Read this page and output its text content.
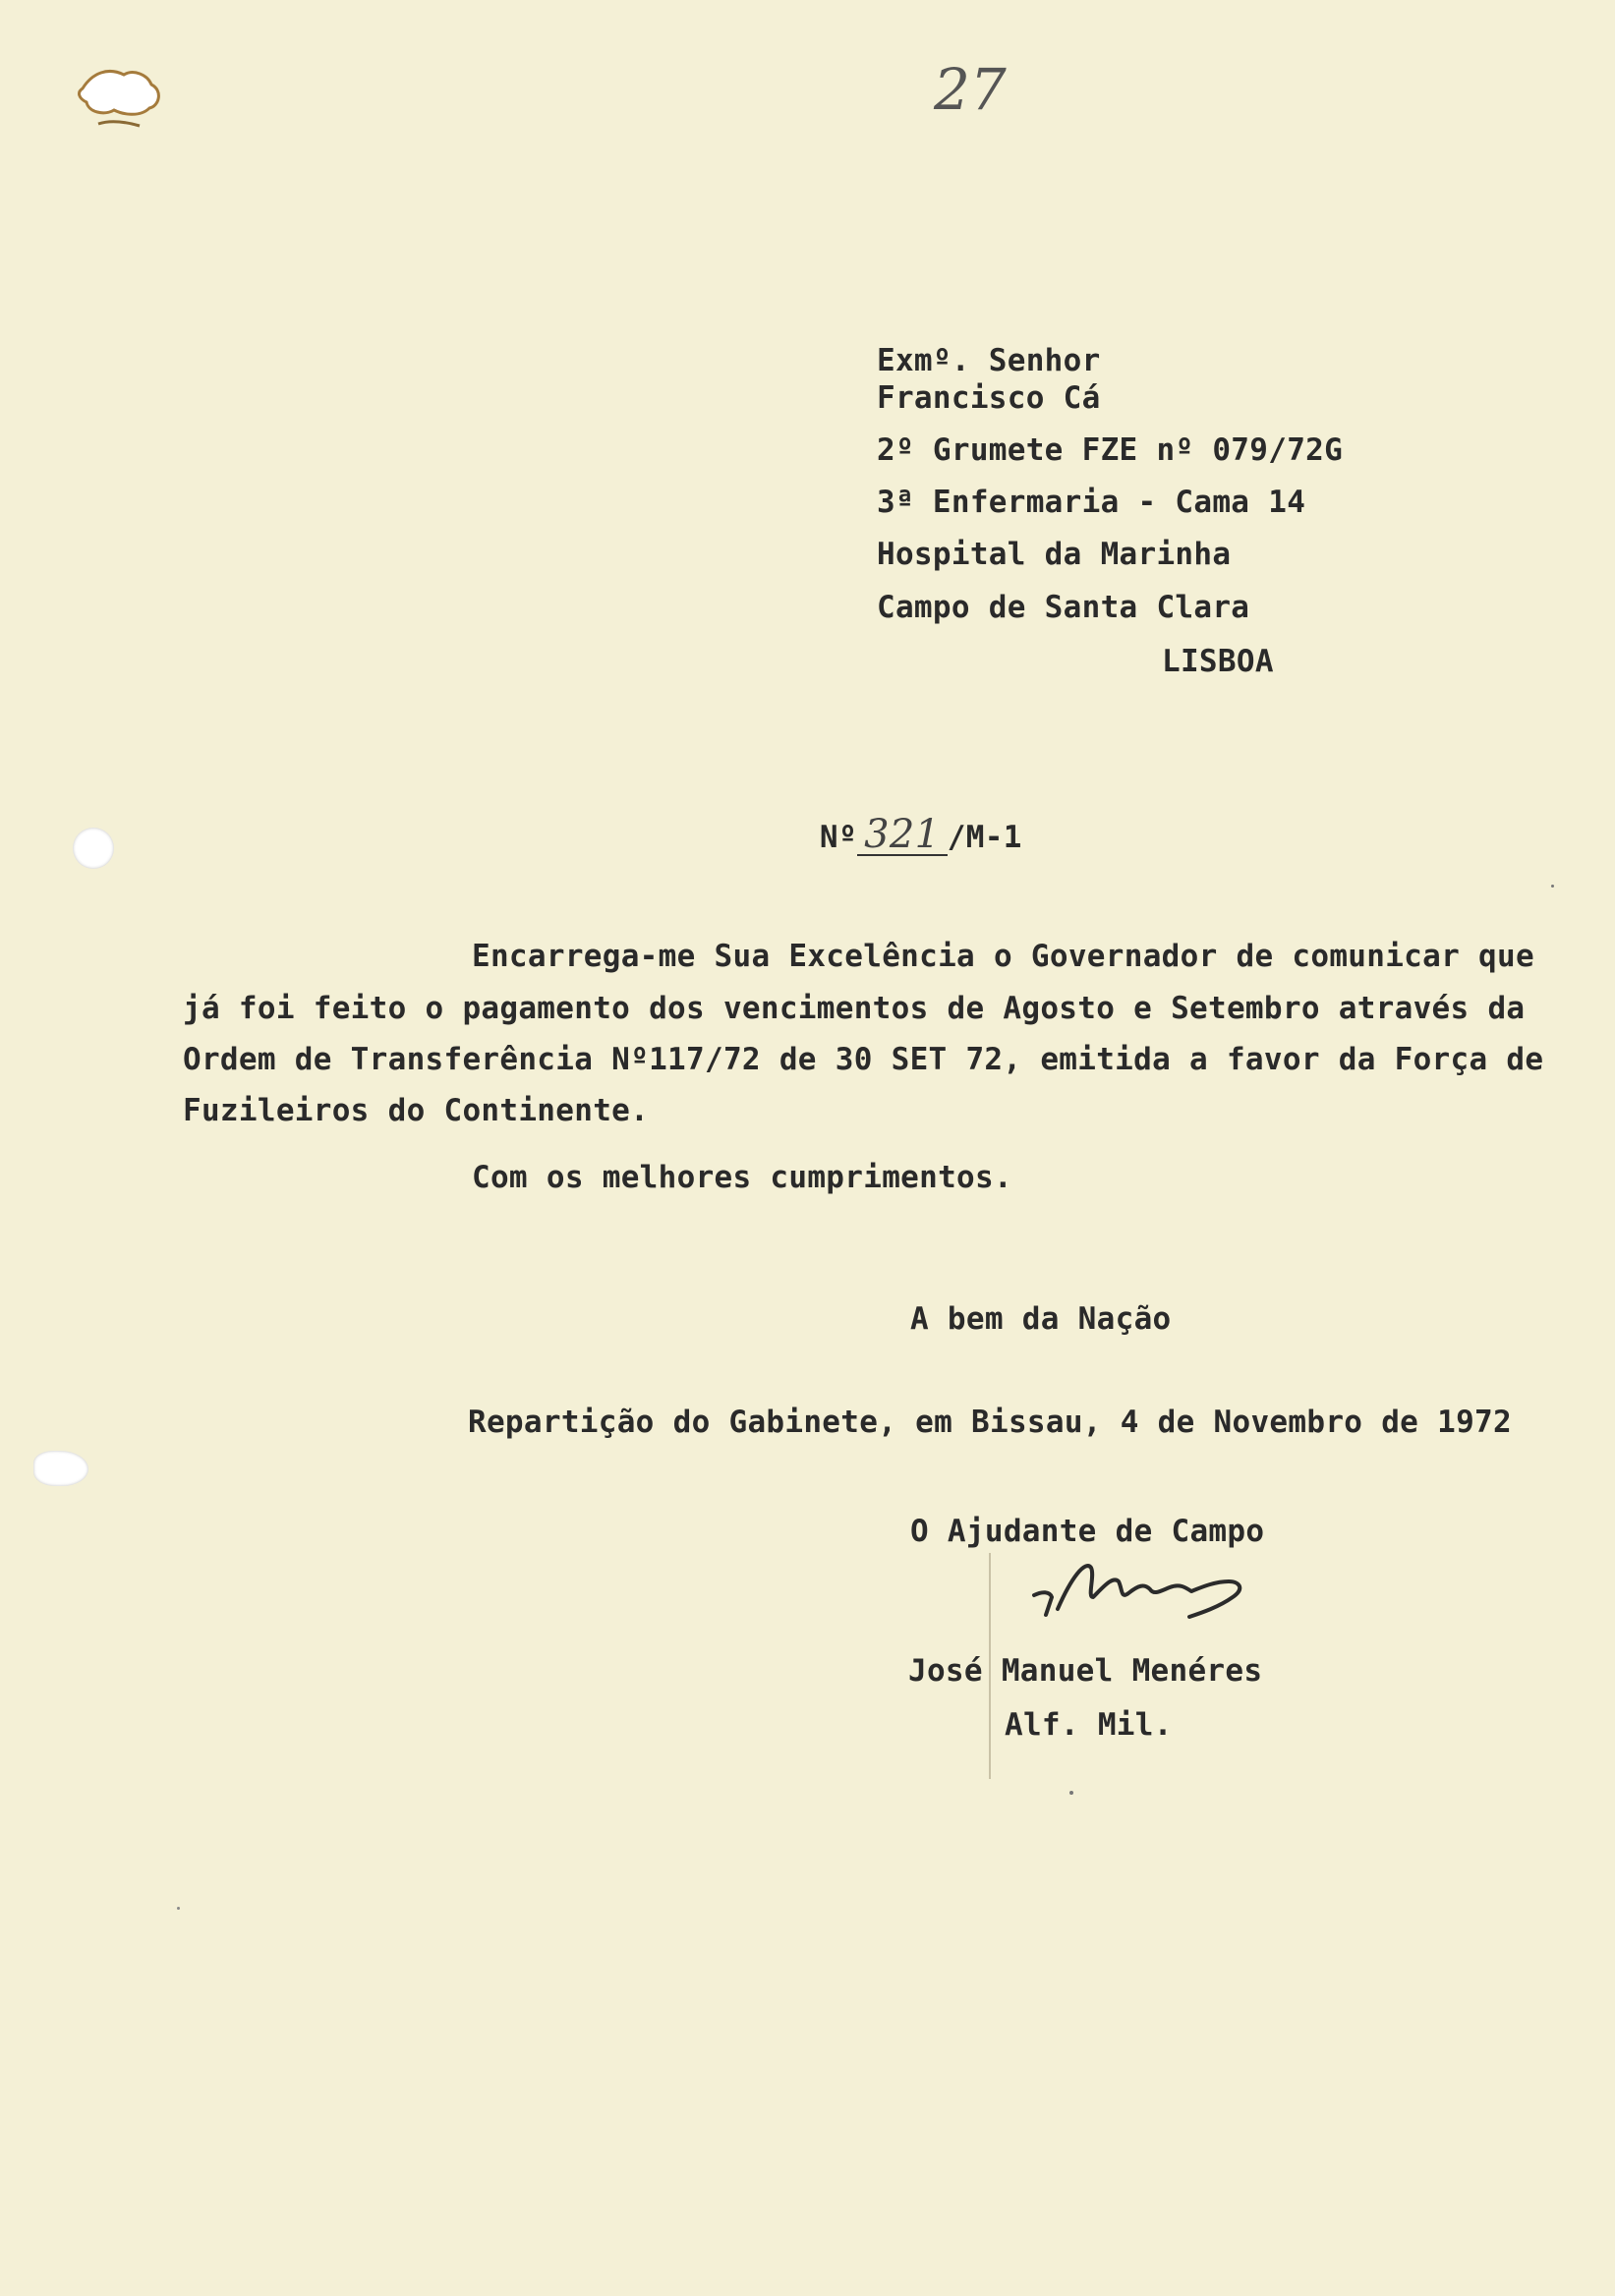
27
Exmº. Senhor
Francisco Cá
2º Grumete FZE nº 079/72G
3ª Enfermaria - Cama 14
Hospital da Marinha
Campo de Santa Clara
LISBOA

Nº 321 /M-1

Encarrega-me Sua Excelência o Governador de comunicar que
já foi feito o pagamento dos vencimentos de Agosto e Setembro através da
Ordem de Transferência Nº117/72 de 30 SET 72, emitida a favor da Força de
Fuzileiros do Continente.
Com os melhores cumprimentos.
A bem da Nação
Repartição do Gabinete, em Bissau, 4 de Novembro de 1972
O Ajudante de Campo
José Manuel Menéres
Alf. Mil.
